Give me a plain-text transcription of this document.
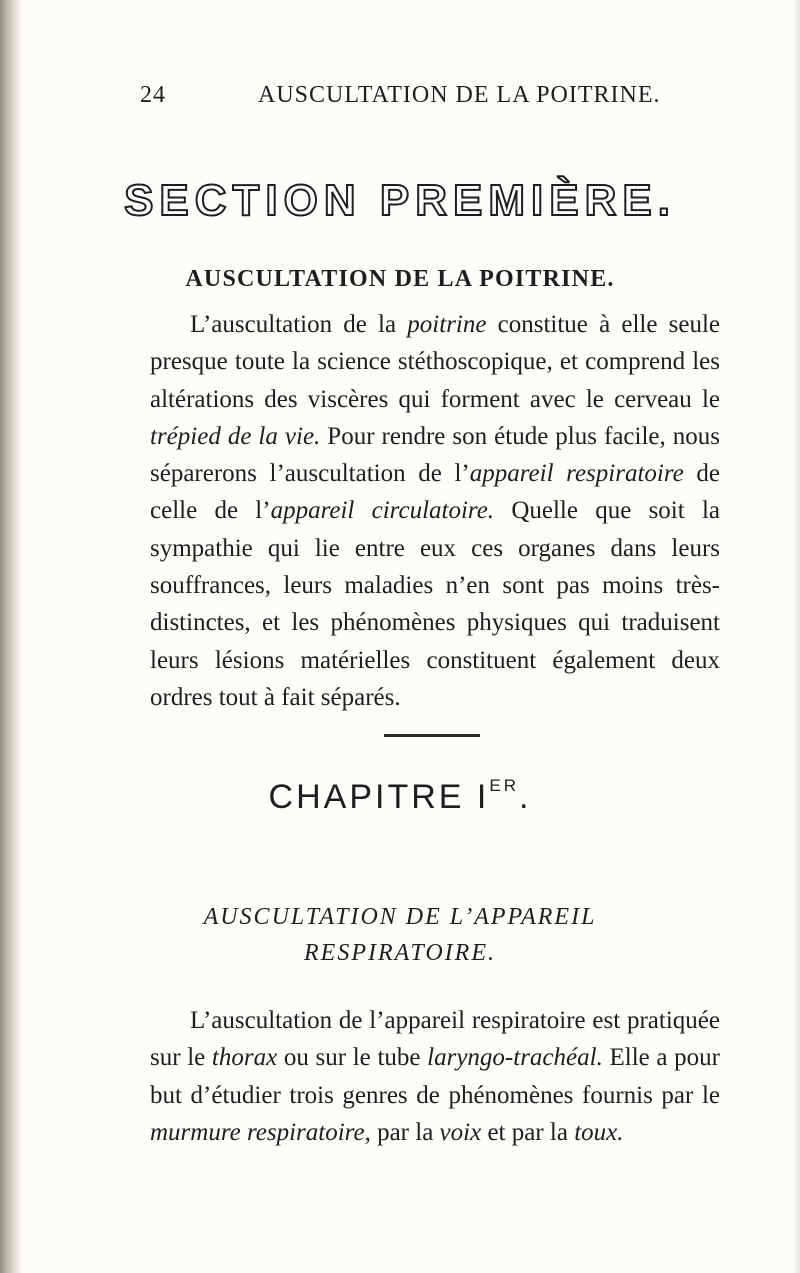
24	AUSCULTATION DE LA POITRINE.
SECTION PREMIÈRE.
AUSCULTATION DE LA POITRINE.

L’auscultation de la poitrine constitue à elle seule presque toute la science stéthoscopique, et comprend les altérations des viscères qui forment avec le cerveau le trépied de la vie. Pour rendre son étude plus facile, nous séparerons l’auscultation de l’appareil respiratoire de celle de l’appareil circulatoire. Quelle que soit la sympathie qui lie entre eux ces organes dans leurs souffrances, leurs maladies n’en sont pas moins très-distinctes, et les phénomènes physiques qui traduisent leurs lésions matérielles constituent également deux ordres tout à fait séparés.

CHAPITRE IER.
AUSCULTATION DE L’APPAREIL
RESPIRATOIRE.

L’auscultation de l’appareil respiratoire est pratiquée sur le thorax ou sur le tube laryngo-trachéal. Elle a pour but d’étudier trois genres de phénomènes fournis par le murmure respiratoire, par la voix et par la toux.
